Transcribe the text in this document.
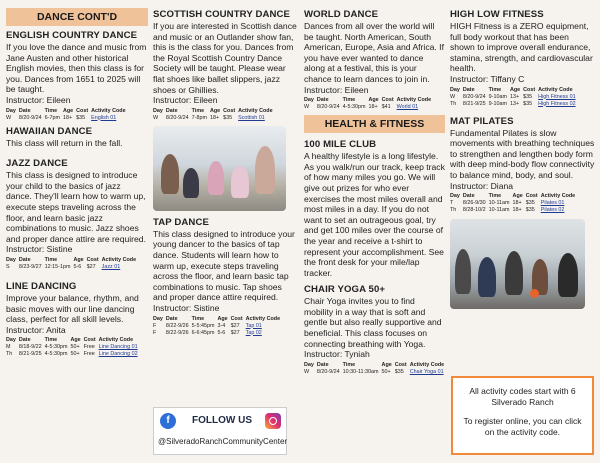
DANCE CONT'D
ENGLISH COUNTRY DANCE
If you love the dance and music from Jane Austen and other historical English movies, then this class is for you. Dances from 1651 to 2025 will be taught.
Instructor: Eileen
Day	Date	Time	Age	Cost	Activity Code
W	8/20-9/24	6-7pm	18+	$35	English 01
HAWAIIAN DANCE
This class will return in the fall.
JAZZ DANCE
This class is designed to introduce your child to the basics of jazz dance. They'll learn how to warm up, execute steps traveling across the floor, and learn basic jazz combinations to music. Jazz shoes and proper dance attire are required.
Instructor: Sistine
Day	Date	Time	Age	Cost	Activity Code
S	8/23-9/27	12:15-1pm	5-6	$27	Jazz 01
LINE DANCING
Improve your balance, rhythm, and basic moves with our line dancing class, perfect for all skill levels.
Instructor: Anita
Day	Date	Time	Age	Cost	Activity Code
M	8/18-9/22	4-5:30pm	50+	Free	Line Dancing 01
Th	8/21-9/25	4-5:30pm	50+	Free	Line Dancing 02
SCOTTISH COUNTRY DANCE
If you are interested in Scottish dance and music or an Outlander show fan, this is the class for you. Dances from the Royal Scottish Country Dance Society will be taught. Please wear flat shoes like ballet slippers, jazz shoes or Ghillies.
Instructor: Eileen
Day	Date	Time	Age	Cost	Activity Code
W	8/20-9/24	7-8pm	18+	$35	Scottish 01
TAP DANCE
This class designed to introduce your young dancer to the basics of tap dance. Students will learn how to warm up, execute steps traveling across the floor, and learn basic tap combinations to music. Tap shoes and proper dance attire required.
Instructor: Sistine
Day	Date	Time	Age	Cost	Activity Code
F	8/22-9/26	5-5:45pm	3-4	$27	Tap 01
F	8/22-9/26	6-6:45pm	5-6	$27	Tap 02
f	FOLLOW US
@SilveradoRanchCommunityCenter
WORLD DANCE
Dances from all over the world will be taught. North American, South American, Europe, Asia and Africa. If you have ever wanted to dance along at a festival, this is your chance to learn dances to join in.
Instructor: Eileen
Day	Date	Time	Age	Cost	Activity Code
W	8/20-9/24	4-5:30pm	18+	$41	World 01
HEALTH & FITNESS
100 MILE CLUB
A healthy lifestyle is a long lifestyle. As you walk/run our track, keep track of how many miles you go. We will give out prizes for who ever exercises the most miles overall and most miles in a day. If you do not want to set an outrageous goal, try and get 100 miles over the course of the year and receive a t-shirt to represent your accomplishment. See the front desk for your mile/lap tracker.
CHAIR YOGA 50+
Chair Yoga invites you to find mobility in a way that is soft and gentle but also really supportive and beneficial. This class focuses on connecting breathing with Yoga.
Instructor: Tyniah
Day	Date	Time	Age	Cost	Activity Code
W	8/20-9/24	10:30-11:30am	50+	$35	Chair Yoga 01
HIGH LOW FITNESS
HIGH Fitness is a ZERO equipment, full body workout that has been shown to improve overall endurance, stamina, strength, and cardiovascular health.
Instructor: Tiffany C
Day	Date	Time	Age	Cost	Activity Code
W	8/20-9/24	9-10am	13+	$35	High Fitness 01
Th	8/21-9/25	9-10am	13+	$35	High Fitness 02
MAT PILATES
Fundamental Pilates is slow movements with breathing techniques to strengthen and lengthen body form with deep mind-body flow connectivity to balance mind, body, and soul.
Instructor: Diana
Day	Date	Time	Age	Cost	Activity Code
T	8/26-9/30	10-11am	18+	$35	Pilates 01
Th	8/28-10/2	10-11am	18+	$35	Pilates 02
All activity codes start with 6 Silverado Ranch
To register online, you can click on the activity code.
